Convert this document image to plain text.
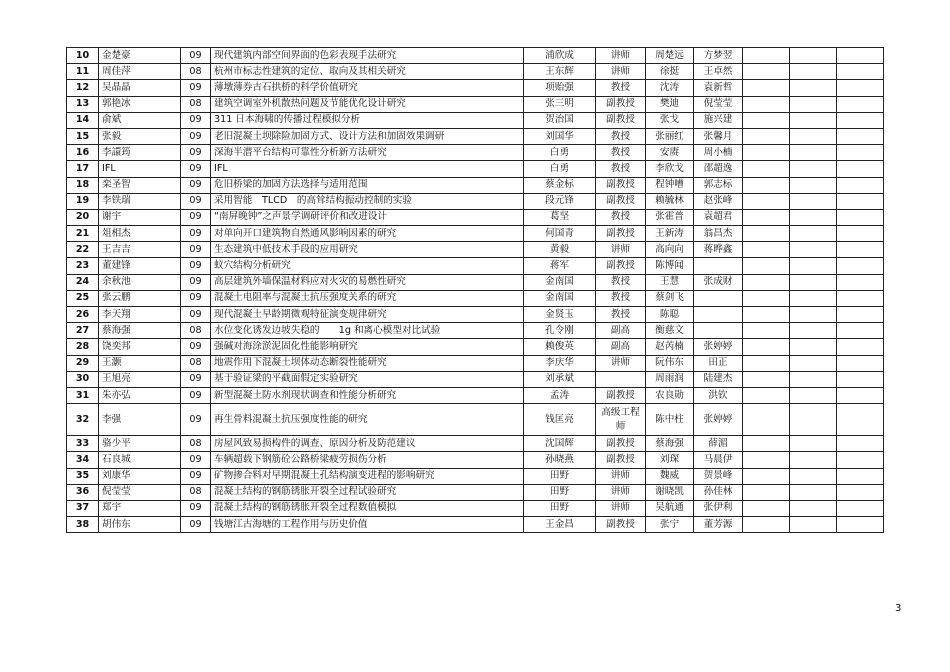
10	金楚豪	09	现代建筑内部空间界面的色彩表现手法研究	浦欣成	讲师	周楚远	方梦翌			
11	周佳萍	08	杭州市标志性建筑的定位、取向及其相关研究	王东辉	讲师	徐挺	王卓然			
12	吴晶晶	09	薄墩薄券古石拱桥的科学价值研究	项贻强	教授	沈涛	袁新哲			
13	郭艳冰	08	建筑空调室外机散热问题及节能优化设计研究	张三明	副教授	樊迪	倪莹莹			
14	俞斌	09	311 日本海啸的传播过程模拟分析	贺治国	副教授	张戈	施兴建			
15	张毅	09	老旧混凝土坝除险加固方式、设计方法和加固效果调研	刘国华	教授	张丽红	张馨月			
16	李譞筠	09	深海半潜平台结构可靠性分析新方法研究	白勇	教授	安赓	周小楠			
17	IFL	09	IFL	白勇	教授	李欣戈	邵超逸			
18	栾圣智	09	危旧桥梁的加固方法选择与适用范围	蔡金标	副教授	程钟嘈	郭志标			
19	李铁瑞	09	采用智能　TLCD　的高耸结构振动控制的实验	段元锋	副教授	赖毓林	赵张峰			
20	谢宇	09	“南屏晚钟”之声景学调研评价和改进设计	葛坚	教授	张霍普	袁超君			
21	俎相杰	09	对单向开口建筑物自然通风影响因素的研究	何国青	副教授	王新涛	翁昌杰			
22	王吉吉	09	生态建筑中低技术手段的应用研究	黄毅	讲师	高向向	蒋晔鑫			
23	董建锋	09	蚁穴结构分析研究	蒋军	副教授	陈博闻				
24	余秋池	09	高层建筑外墙保温材料应对火灾的易燃性研究	金南国	教授	王慧	张成财			
25	张云鹏	09	混凝土电阻率与混凝土抗压强度关系的研究	金南国	教授	蔡剑飞				
26	李天翔	09	现代混凝土早龄期微观特征演变规律研究	金贤玉	教授	陈聪				
27	蔡海强	08	水位变化诱发边坡失稳的　　1g 和离心模型对比试验	孔令刚	副高	衡慈文				
28	饶奕邦	09	强碱对海涂淤泥固化性能影响研究	赖俊英	副高	赵芮楠	张婷婷			
29	王灏	08	地震作用下混凝土坝体动态断裂性能研究	李庆华	讲师	阮伟东	田正			
30	王旭亮	09	基于验证梁的平截面假定实验研究	刘承斌		周雨润	陆建杰			
31	朱亦弘	09	新型混凝土防水剂现状调查和性能分析研究	孟涛	副教授	农良勋	洪钦			
32	李强	09	再生骨料混凝土抗压强度性能的研究	钱匡亮	高级工程师	陈中柱	张婷婷			
33	骆少平	08	房屋风致易损构件的调查、原因分析及防范建议	沈国辉	副教授	蔡海强	薛湄			
34	石良城	09	车辆超载下钢筋砼公路桥梁疲劳损伤分析	孙晓燕	副教授	刘琛	马晨伊			
35	刘康华	09	矿物掺合料对早期混凝土孔结构演变进程的影响研究	田野	讲师	魏威	贺景峰			
36	倪莹莹	08	混凝土结构的钢筋锈胀开裂全过程试验研究	田野	讲师	谢晓凯	孙佳林			
37	郑宇	09	混凝土结构的钢筋锈胀开裂全过程数值模拟	田野	讲师	吴航通	张伊利			
38	胡伟东	09	钱塘江古海塘的工程作用与历史价值	王金昌	副教授	张宁	董芳源			
3
